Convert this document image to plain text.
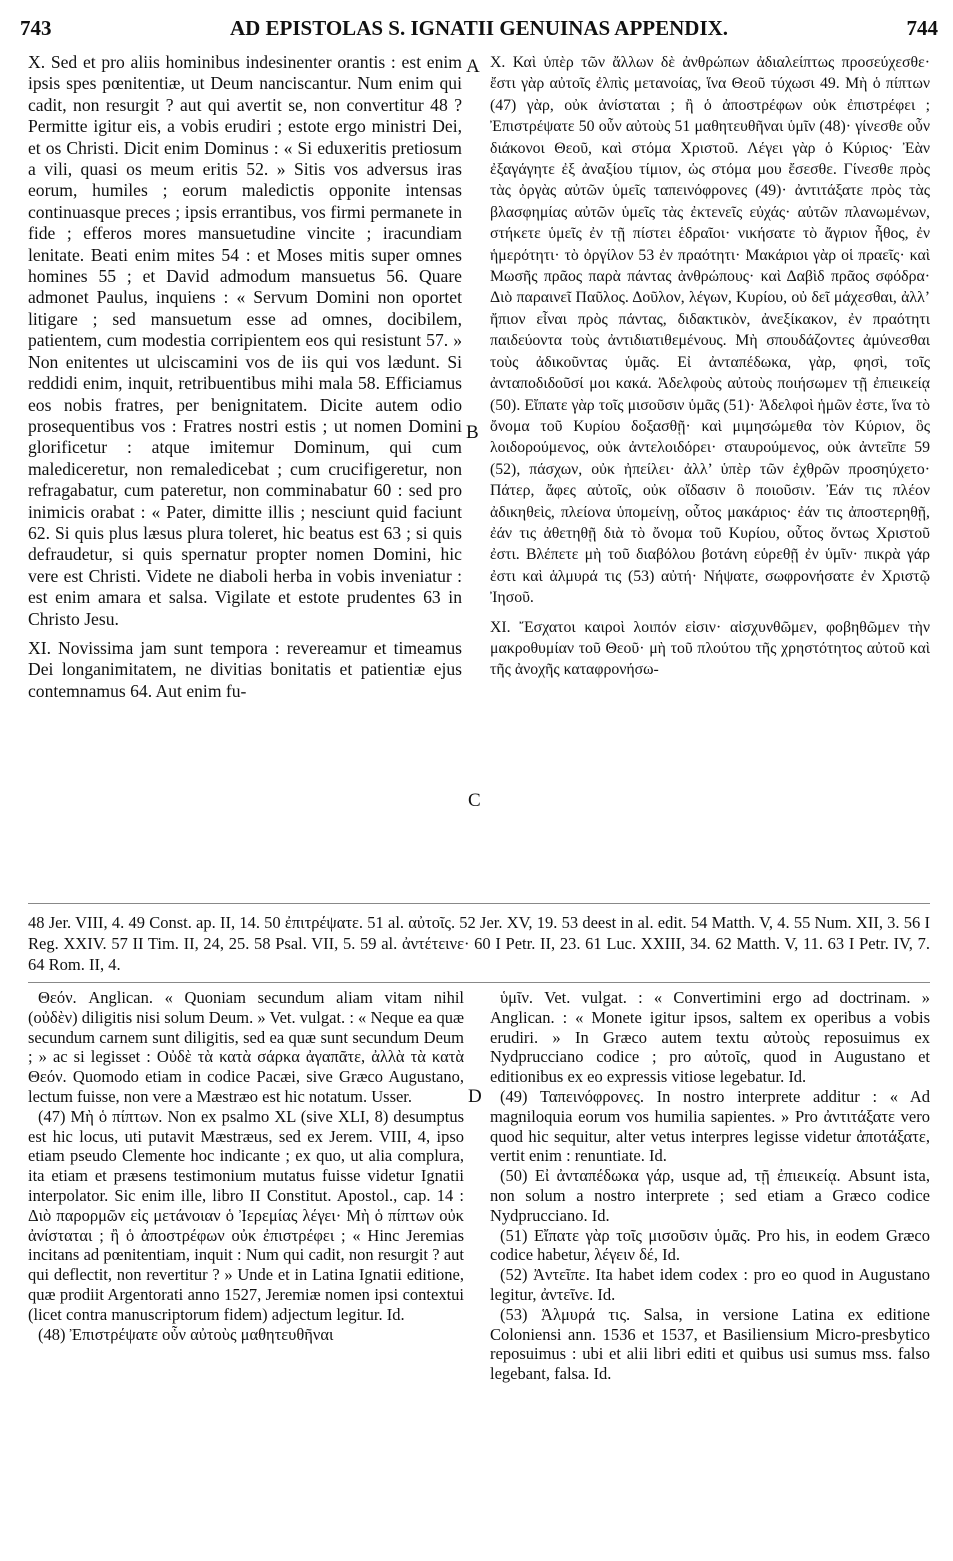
743	AD EPISTOLAS S. IGNATII GENUINAS APPENDIX.	744

X. Sed et pro aliis hominibus indesinenter orantis : est enim ipsis spes pœnitentiæ, ut Deum nanciscantur. Num enim qui cadit, non resurgit ? aut qui avertit se, non convertitur 48 ? Permitte igitur eis, a vobis erudiri ; estote ergo ministri Dei, et os Christi. Dicit enim Dominus : « Si eduxeritis pretiosum a vili, quasi os meum eritis 52. » Sitis vos adversus iras eorum, humiles ; eorum maledictis opponite intensas continuasque preces ; ipsis errantibus, vos firmi permanete in fide ; efferos mores mansuetudine vincite ; iracundiam lenitate. Beati enim mites 54 : et Moses mitis super omnes homines 55 ; et David admodum mansuetus 56. Quare admonet Paulus, inquiens : « Servum Domini non oportet litigare ; sed mansuetum esse ad omnes, docibilem, patientem, cum modestia corripientem eos qui resistunt 57. » Non enitentes ut ulciscamini vos de iis qui vos lædunt. Si reddidi enim, inquit, retribuentibus mihi mala 58. Efficiamus eos nobis fratres, per benignitatem. Dicite autem odio prosequentibus vos : Fratres nostri estis ; ut nomen Domini glorificetur : atque imitemur Dominum, qui cum malediceretur, non remaledicebat ; cum crucifigeretur, non refragabatur, cum pateretur, non comminabatur 60 : sed pro inimicis orabat : « Pater, dimitte illis ; nesciunt quid faciunt 62. Si quis plus læsus plura toleret, hic beatus est 63 ; si quis defraudetur, si quis spernatur propter nomen Domini, hic vere est Christi. Videte ne diaboli herba in vobis inveniatur : est enim amara et salsa. Vigilate et estote prudentes 63 in Christo Jesu.

XI. Novissima jam sunt tempora : revereamur et timeamus Dei longanimitatem, ne divitias bonitatis et patientiæ ejus contemnamus 64. Aut enim fu-

A
B
C

X. Καὶ ὑπὲρ τῶν ἄλλων δὲ ἀνθρώπων ἀδιαλείπτως προσεύχεσθε· ἔστι γὰρ αὐτοῖς ἐλπὶς μετανοίας, ἵνα Θεοῦ τύχωσι 49. Μὴ ὁ πίπτων (47) γὰρ, οὐκ ἀνίσταται ; ἢ ὁ ἀποστρέφων οὐκ ἐπιστρέφει ; Ἐπιστρέψατε 50 οὖν αὐτοὺς 51 μαθητευθῆναι ὑμῖν (48)· γίνεσθε οὖν διάκονοι Θεοῦ, καὶ στόμα Χριστοῦ. Λέγει γὰρ ὁ Κύριος· Ἐὰν ἐξαγάγητε ἐξ ἀναξίου τίμιον, ὡς στόμα μου ἔσεσθε. Γίνεσθε πρὸς τὰς ὀργὰς αὐτῶν ὑμεῖς ταπεινόφρονες (49)· ἀντιτάξατε πρὸς τὰς βλασφημίας αὐτῶν ὑμεῖς τὰς ἐκτενεῖς εὐχάς· αὐτῶν πλανωμένων, στήκετε ὑμεῖς ἐν τῇ πίστει ἑδραῖοι· νικήσατε τὸ ἄγριον ἦθος, ἐν ἡμερότητι· τὸ ὀργίλον 53 ἐν πραότητι· Μακάριοι γὰρ οἱ πραεῖς· καὶ Μωσῆς πρᾶος παρὰ πάντας ἀνθρώπους· καὶ Δαβὶδ πρᾶος σφόδρα· Διὸ παραινεῖ Παῦλος. Δοῦλον, λέγων, Κυρίου, οὐ δεῖ μάχεσθαι, ἀλλ’ ἤπιον εἶναι πρὸς πάντας, διδακτικὸν, ἀνεξίκακον, ἐν πραότητι παιδεύοντα τοὺς ἀντιδιατιθεμένους. Μὴ σπουδάζοντες ἀμύνεσθαι τοὺς ἀδικοῦντας ὑμᾶς. Εἰ ἀνταπέδωκα, γὰρ, φησὶ, τοῖς ἀνταποδιδοῦσί μοι κακά. Ἀδελφοὺς αὐτοὺς ποιήσωμεν τῇ ἐπιεικείᾳ (50). Εἴπατε γὰρ τοῖς μισοῦσιν ὑμᾶς (51)· Ἀδελφοὶ ἡμῶν ἐστε, ἵνα τὸ ὄνομα τοῦ Κυρίου δοξασθῇ· καὶ μιμησώμεθα τὸν Κύριον, ὃς λοιδορούμενος, οὐκ ἀντελοιδόρει· σταυρούμενος, οὐκ ἀντεῖπε 59 (52), πάσχων, οὐκ ἠπείλει· ἀλλ’ ὑπὲρ τῶν ἐχθρῶν προσηύχετο· Πάτερ, ἄφες αὐτοῖς, οὐκ οἴδασιν ὃ ποιοῦσιν. Ἐάν τις πλέον ἀδικηθεὶς, πλείονα ὑπομείνῃ, οὗτος μακάριος· ἐάν τις ἀποστερηθῇ, ἐάν τις ἀθετηθῇ διὰ τὸ ὄνομα τοῦ Κυρίου, οὗτος ὄντως Χριστοῦ ἐστι. Βλέπετε μὴ τοῦ διαβόλου βοτάνη εὑρεθῇ ἐν ὑμῖν· πικρὰ γάρ ἐστι καὶ ἁλμυρά τις (53) αὐτή· Νήψατε, σωφρονήσατε ἐν Χριστῷ Ἰησοῦ.

XI. Ἔσχατοι καιροὶ λοιπόν εἰσιν· αἰσχυνθῶμεν, φοβηθῶμεν τὴν μακροθυμίαν τοῦ Θεοῦ· μὴ τοῦ πλούτου τῆς χρηστότητος αὐτοῦ καὶ τῆς ἀνοχῆς καταφρονήσω-

48 Jer. VIII, 4. 49 Const. ap. II, 14. 50 ἐπιτρέψατε. 51 al. αὐτοῖς. 52 Jer. XV, 19. 53 deest in al. edit. 54 Matth. V, 4. 55 Num. XII, 3. 56 I Reg. XXIV. 57 II Tim. II, 24, 25. 58 Psal. VII, 5. 59 al. ἀντέτεινε· 60 I Petr. II, 23. 61 Luc. XXIII, 34. 62 Matth. V, 11. 63 I Petr. IV, 7. 64 Rom. II, 4.

Θεόν. Anglican. « Quoniam secundum aliam vitam nihil (οὐδὲν) diligitis nisi solum Deum. » Vet. vulgat. : « Neque ea quæ secundum carnem sunt diligitis, sed ea quæ sunt secundum Deum ; » ac si legisset : Οὐδὲ τὰ κατὰ σάρκα ἀγαπᾶτε, ἀλλὰ τὰ κατὰ Θεόν. Quomodo etiam in codice Pacæi, sive Græco Augustano, lectum fuisse, non vere a Mæstræo est hic notatum. Usser.

(47) Μὴ ὁ πίπτων. Non ex psalmo XL (sive XLI, 8) desumptus est hic locus, uti putavit Mæstræus, sed ex Jerem. VIII, 4, ipso etiam pseudo Clemente hoc indicante ; ex quo, ut alia complura, ita etiam et præsens testimonium mutatus fuisse videtur Ignatii interpolator. Sic enim ille, libro II Constitut. Apostol., cap. 14 : Διὸ παρορμῶν εἰς μετάνοιαν ὁ Ἰερεμίας λέγει· Μὴ ὁ πίπτων οὐκ ἀνίσταται ; ἢ ὁ ἀποστρέφων οὐκ ἐπιστρέφει ; « Hinc Jeremias incitans ad pœnitentiam, inquit : Num qui cadit, non resurgit ? aut qui deflectit, non revertitur ? » Unde et in Latina Ignatii editione, quæ prodiit Argentorati anno 1527, Jeremiæ nomen ipsi contextui (licet contra manuscriptorum fidem) adjectum legitur. Id.

(48) Ἐπιστρέψατε οὖν αὐτοὺς μαθητευθῆναι

D

ὑμῖν. Vet. vulgat. : « Convertimini ergo ad doctrinam. » Anglican. : « Monete igitur ipsos, saltem ex operibus a vobis erudiri. » In Græco autem textu αὐτοὺς reposuimus ex Nydprucciano codice ; pro αὐτοῖς, quod in Augustano et editionibus ex eo expressis vitiose legebatur. Id.

(49) Ταπεινόφρονες. In nostro interprete additur : « Ad magniloquia eorum vos humilia sapientes. » Pro ἀντιτάξατε vero quod hic sequitur, alter vetus interpres legisse videtur ἀποτάξατε, vertit enim : renuntiate. Id.

(50) Εἰ ἀνταπέδωκα γάρ, usque ad, τῇ ἐπιεικείᾳ. Absunt ista, non solum a nostro interprete ; sed etiam a Græco codice Nydprucciano. Id.

(51) Εἴπατε γὰρ τοῖς μισοῦσιν ὑμᾶς. Pro his, in eodem Græco codice habetur, λέγειν δέ, Id.

(52) Ἀντεῖπε. Ita habet idem codex : pro eo quod in Augustano legitur, ἀντεῖνε. Id.

(53) Ἁλμυρά τις. Salsa, in versione Latina ex editione Coloniensi ann. 1536 et 1537, et Basiliensium Micro-presbytico reposuimus : ubi et alii libri editi et quibus usi sumus mss. falso legebant, falsa. Id.
